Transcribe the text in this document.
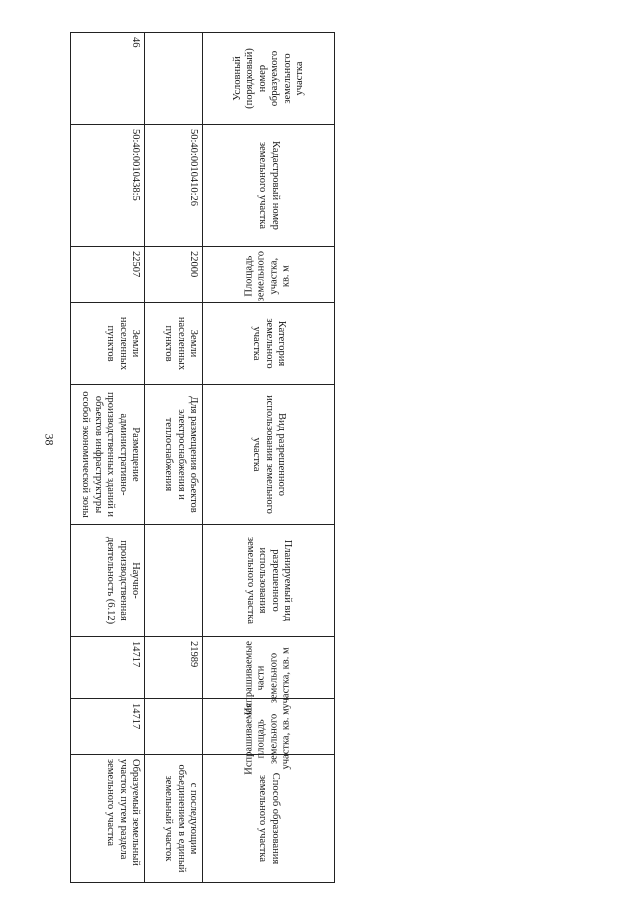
38
Условный (порядковый) номер образуемого земельного участка	Кадастровый номер земельного участка	Площадь земельного участка, кв. м	Категория земельного участка	Вид разрешенного использования земельного участка	Планируемый вид разрешенного использования земельного участка	Испрашиваемые части земельного участка, кв. м	Испрашиваемая площадь земельного участка, кв. м	Способ образования земельного участка
	50:40:0010410:26	22000	Земли населенных пунктов	Для размещения объектов электроснабжения и теплоснабжения		21989		с последующим объединением в единый земельный участок
46	50:40:0010438:5	22507	Земли населенных пунктов	Размещение административно-производственных зданий и объектов инфраструктуры особой экономической зоны	Научно-производственная деятельность (6.12)	14717	14717	Образуемый земельный участок путем раздела земельного участка
